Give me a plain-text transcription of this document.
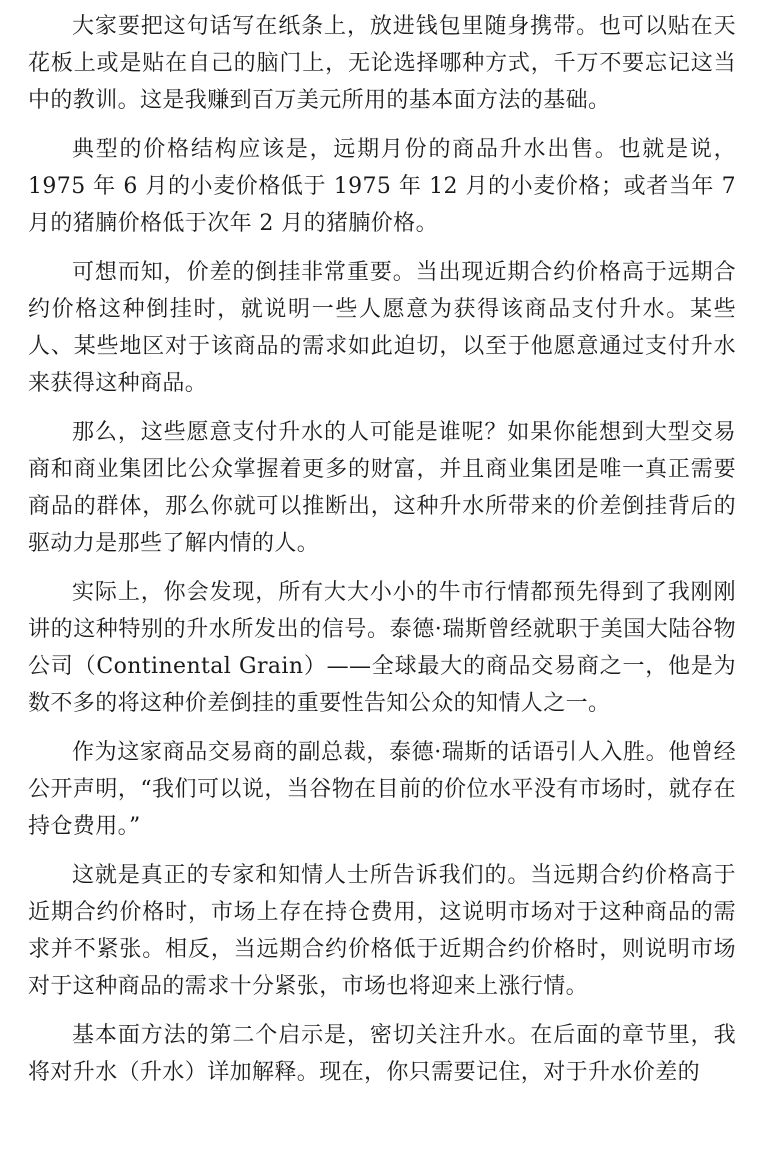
大家要把这句话写在纸条上，放进钱包里随身携带。也可以贴在天花板上或是贴在自己的脑门上，无论选择哪种方式，千万不要忘记这当中的教训。这是我赚到百万美元所用的基本面方法的基础。

典型的价格结构应该是，远期月份的商品升水出售。也就是说，1975 年 6 月的小麦价格低于 1975 年 12 月的小麦价格；或者当年 7 月的猪腩价格低于次年 2 月的猪腩价格。

可想而知，价差的倒挂非常重要。当出现近期合约价格高于远期合约价格这种倒挂时，就说明一些人愿意为获得该商品支付升水。某些人、某些地区对于该商品的需求如此迫切，以至于他愿意通过支付升水来获得这种商品。

那么，这些愿意支付升水的人可能是谁呢？如果你能想到大型交易商和商业集团比公众掌握着更多的财富，并且商业集团是唯一真正需要商品的群体，那么你就可以推断出，这种升水所带来的价差倒挂背后的驱动力是那些了解内情的人。

实际上，你会发现，所有大大小小的牛市行情都预先得到了我刚刚讲的这种特别的升水所发出的信号。泰德·瑞斯曾经就职于美国大陆谷物公司（Continental Grain）——全球最大的商品交易商之一，他是为数不多的将这种价差倒挂的重要性告知公众的知情人之一。

作为这家商品交易商的副总裁，泰德·瑞斯的话语引人入胜。他曾经公开声明，“我们可以说，当谷物在目前的价位水平没有市场时，就存在持仓费用。”

这就是真正的专家和知情人士所告诉我们的。当远期合约价格高于近期合约价格时，市场上存在持仓费用，这说明市场对于这种商品的需求并不紧张。相反，当远期合约价格低于近期合约价格时，则说明市场对于这种商品的需求十分紧张，市场也将迎来上涨行情。

基本面方法的第二个启示是，密切关注升水。在后面的章节里，我将对升水（升水）详加解释。现在，你只需要记住，对于升水价差的
